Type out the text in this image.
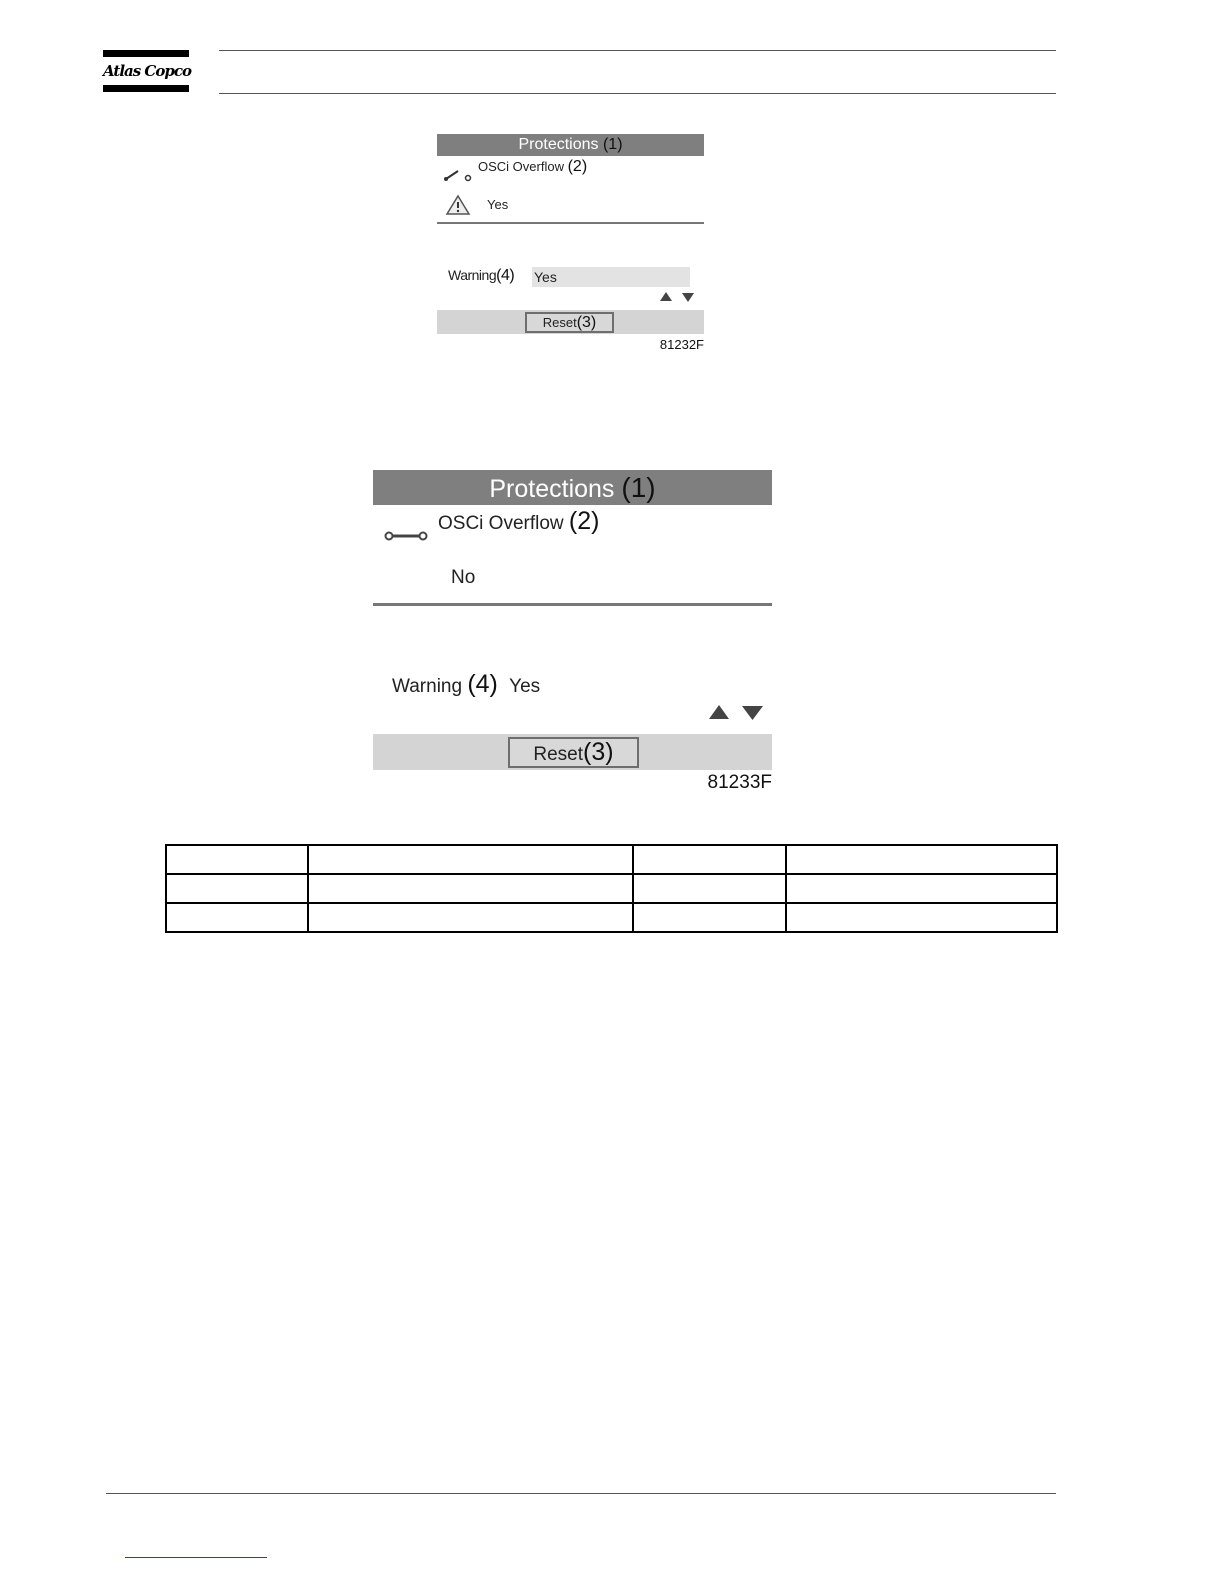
Atlas Copco
Protections (1)
OSCi Overflow (2)
Yes
Warning(4) Yes
Reset(3)
81232F
Protections (1)
OSCi Overflow (2)
No
Warning (4) Yes
Reset(3)
81233F
